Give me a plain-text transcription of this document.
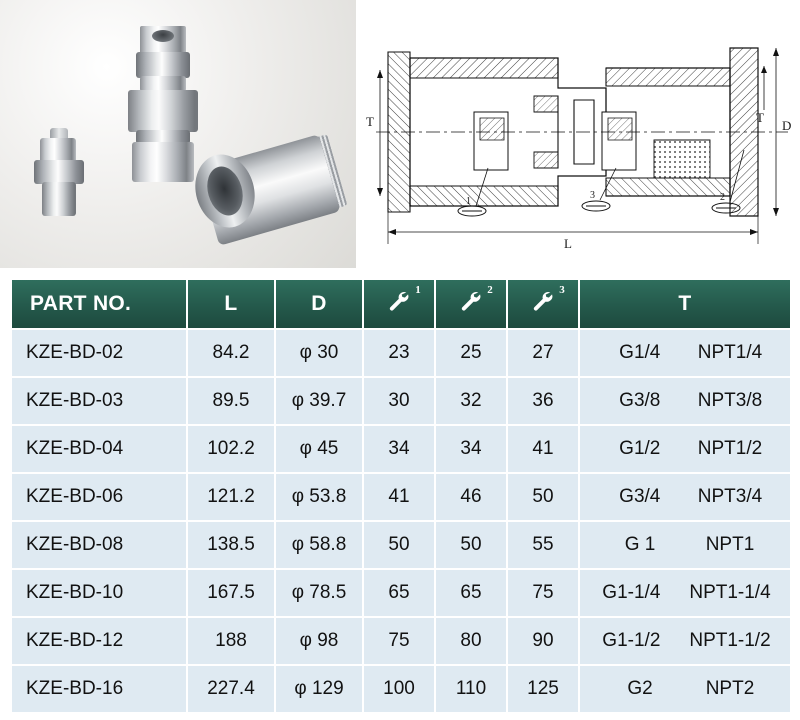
T	T
D
L
1
3	2
PART NO.	L	D	1	2	3	T
KZE-BD-02	84.2	φ 30	23	25	27	G1/4 NPT1/4

KZE-BD-03	89.5	φ 39.7	30	32	36	G3/8 NPT3/8

KZE-BD-04	102.2	φ 45	34	34	41	G1/2 NPT1/2

KZE-BD-06	121.2	φ 53.8	41	46	50	G3/4 NPT3/4

KZE-BD-08	138.5	φ 58.8	50	50	55	G 1 NPT1

KZE-BD-10	167.5	φ 78.5	65	65	75	G1-1/4 NPT1-1/4

KZE-BD-12	188	φ 98	75	80	90	G1-1/2 NPT1-1/2

KZE-BD-16	227.4	φ 129	100	110	125	G2 NPT2
